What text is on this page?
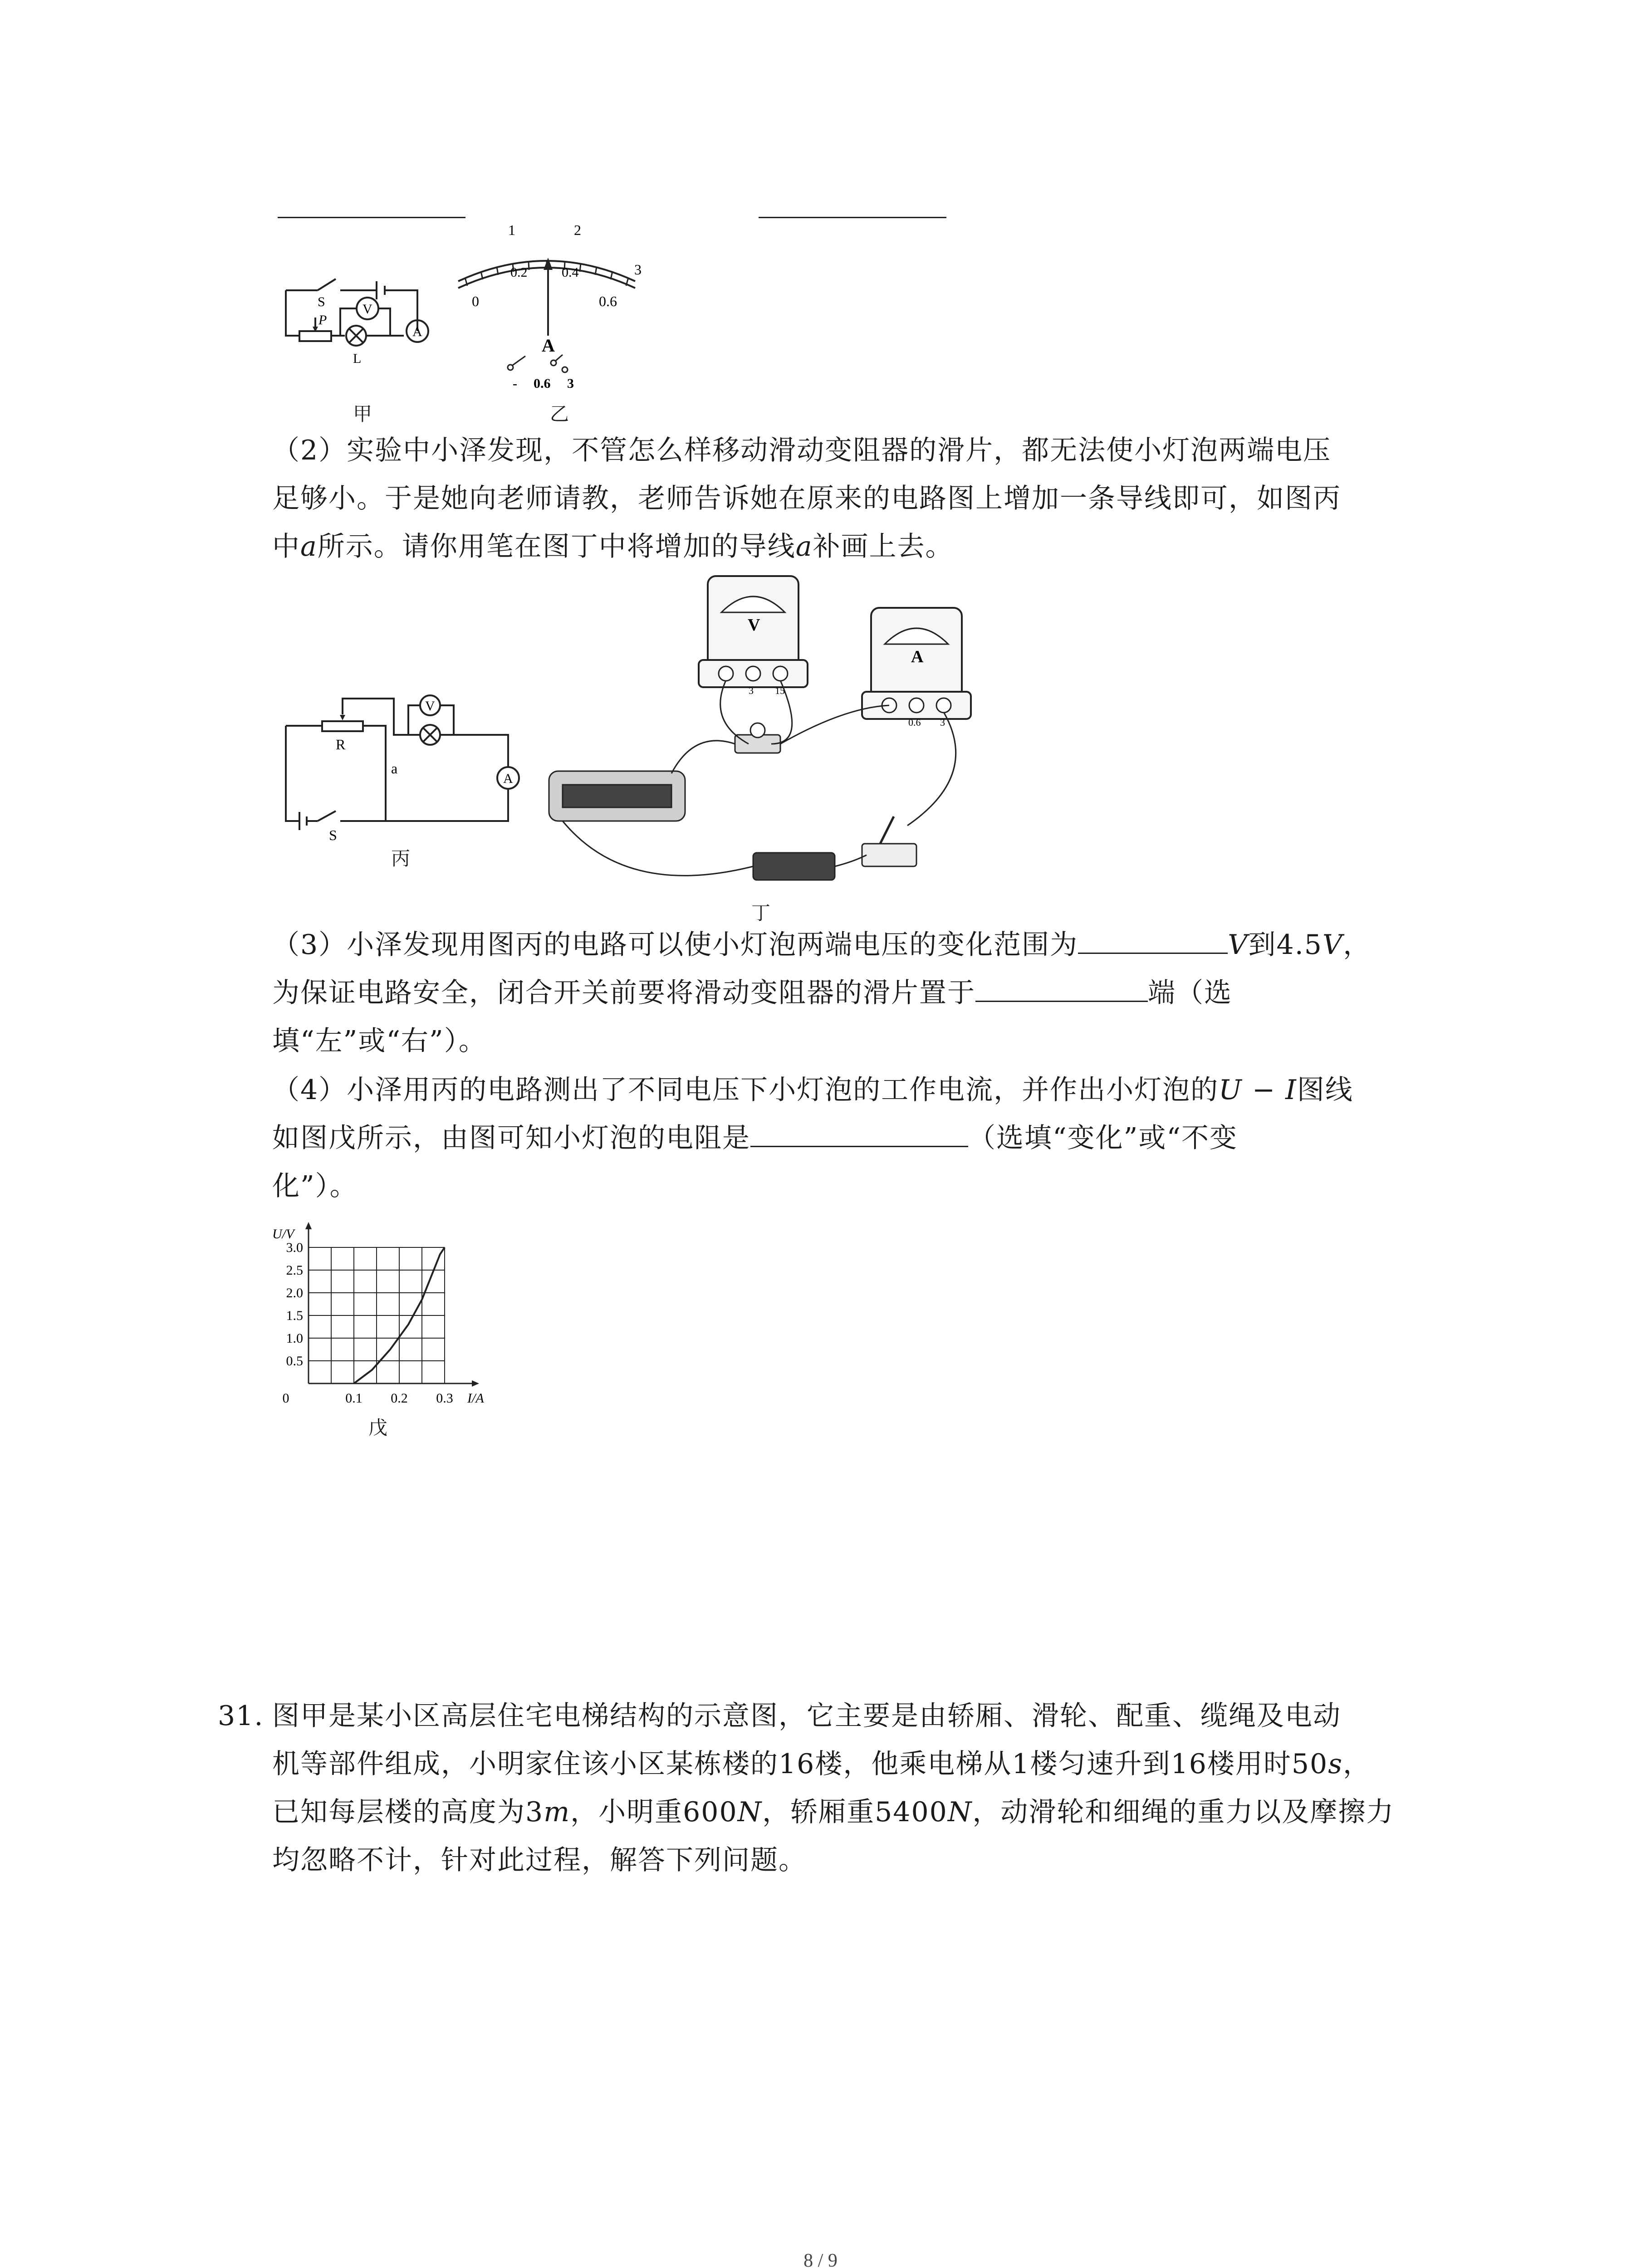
S
P
L
V
A
甲
1	2
3
0
0.2	0.4
0.6
A
- 0.6 3
乙
（2）实验中小泽发现，不管怎么样移动滑动变阻器的滑片，都无法使小灯泡两端电压
足够小。于是她向老师请教，老师告诉她在原来的电路图上增加一条导线即可，如图丙
中a所示。请你用笔在图丁中将增加的导线a补画上去。
R
a
S
V
A
丙
V
A
3 15
0.6 3
丁
（3）小泽发现用图丙的电路可以使小灯泡两端电压的变化范围为	V到4.5V，
为保证电路安全，闭合开关前要将滑动变阻器的滑片置于	端（选
填“左”或“右”）。
（4）小泽用丙的电路测出了不同电压下小灯泡的工作电流，并作出小灯泡的U − I图线
如图戊所示，由图可知小灯泡的电阻是	（选填“变化”或“不变
化”）。
0.5
1.0
1.5
2.0
2.5
3.0
0	0.1 0.2 0.3 I/A
U/V
戊
31. 图甲是某小区高层住宅电梯结构的示意图，它主要是由轿厢、滑轮、配重、缆绳及电动
机等部件组成，小明家住该小区某栋楼的16楼，他乘电梯从1楼匀速升到16楼用时50s，
已知每层楼的高度为3m，小明重600N，轿厢重5400N，动滑轮和细绳的重力以及摩擦力
均忽略不计，针对此过程，解答下列问题。
8 / 9
